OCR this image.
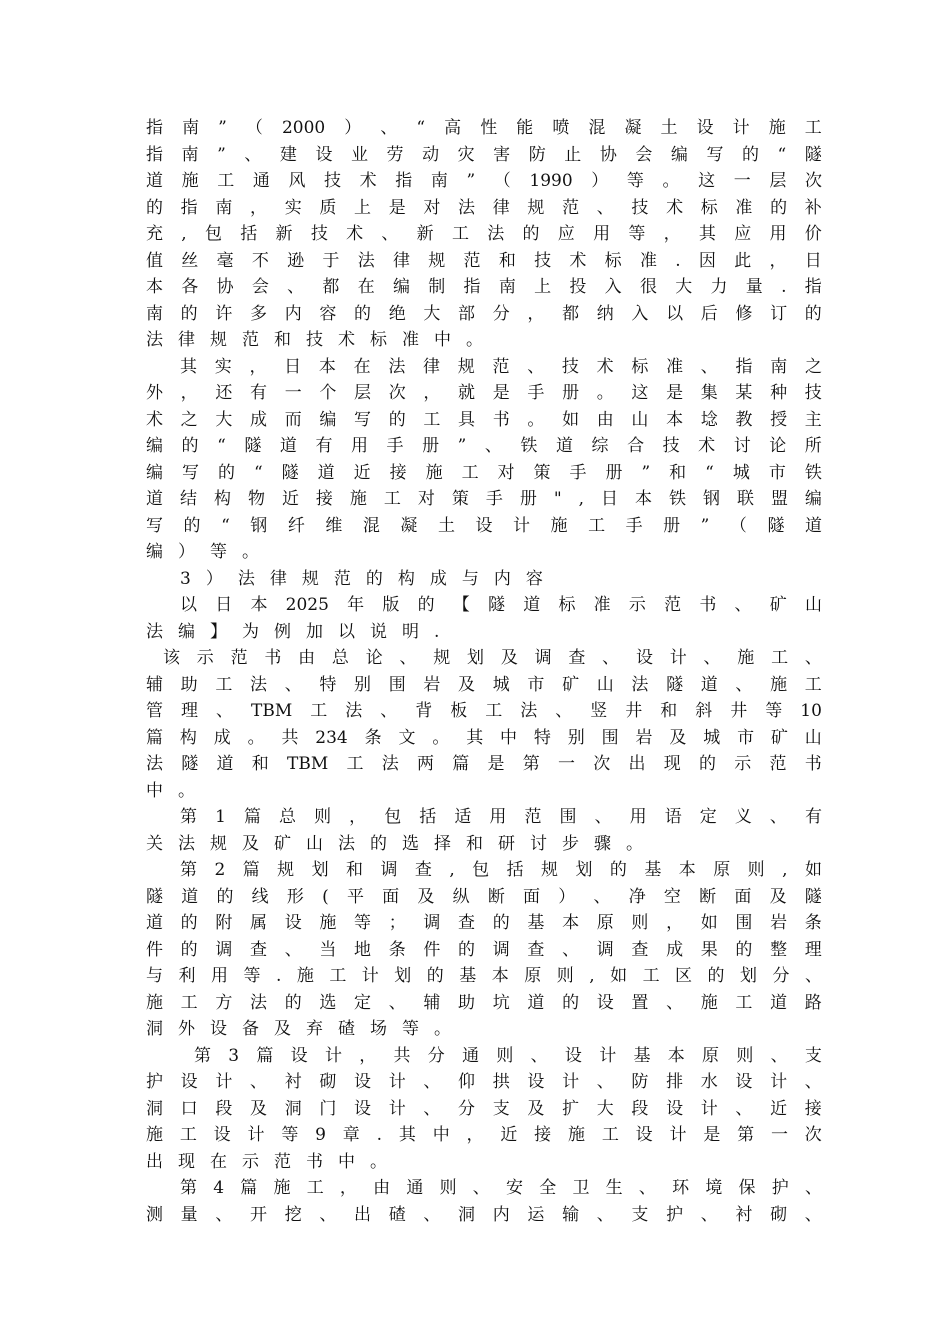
指 南 ” （ 2000 ） 、 “ 高 性 能 喷 混 凝 土 设 计 施 工
指 南 ” 、 建 设 业 劳 动 灾 害 防 止 协 会 编 写 的 “ 隧
道 施 工 通 风 技 术 指 南 ” （ 1990 ） 等 。 这 一 层 次
的 指 南 ， 实 质 上 是 对 法 律 规 范 、 技 术 标 准 的 补
充 , 包 括 新 技 术 、 新 工 法 的 应 用 等 ， 其 应 用 价
值 丝 毫 不 逊 于 法 律 规 范 和 技 术 标 准 . 因 此 ， 日
本 各 协 会 、 都 在 编 制 指 南 上 投 入 很 大 力 量 . 指
南 的 许 多 内 容 的 绝 大 部 分 ， 都 纳 入 以 后 修 订 的
法 律 规 范 和 技 术 标 准 中 。
其 实 ， 日 本 在 法 律 规 范 、 技 术 标 准 、 指 南 之
外 ， 还 有 一 个 层 次 ， 就 是 手 册 。 这 是 集 某 种 技
术 之 大 成 而 编 写 的 工 具 书 。 如 由 山 本 埝 教 授 主
编 的 “ 隧 道 有 用 手 册 ” 、 铁 道 综 合 技 术 讨 论 所
编 写 的 “ 隧 道 近 接 施 工 对 策 手 册 ” 和 “ 城 市 铁
道 结 构 物 近 接 施 工 对 策 手 册 " , 日 本 铁 钢 联 盟 编
写 的 “ 钢 纤 维 混 凝 土 设 计 施 工 手 册 ” （ 隧 道
编 ） 等 。
3 ） 法 律 规 范 的 构 成 与 内 容
以 日 本 2025 年 版 的 【 隧 道 标 准 示 范 书 、 矿 山
法 编 】 为 例 加 以 说 明 .
该 示 范 书 由 总 论 、 规 划 及 调 查 、 设 计 、 施 工 、
辅 助 工 法 、 特 别 围 岩 及 城 市 矿 山 法 隧 道 、 施 工
管 理 、 TBM 工 法 、 背 板 工 法 、 竖 井 和 斜 井 等 10
篇 构 成 。 共 234 条 文 。 其 中 特 别 围 岩 及 城 市 矿 山
法 隧 道 和 TBM 工 法 两 篇 是 第 一 次 出 现 的 示 范 书
中 。
第 1 篇 总 则 ， 包 括 适 用 范 围 、 用 语 定 义 、 有
关 法 规 及 矿 山 法 的 选 择 和 研 讨 步 骤 。
第 2 篇 规 划 和 调 查 , 包 括 规 划 的 基 本 原 则 , 如
隧 道 的 线 形 ( 平 面 及 纵 断 面 ） 、 净 空 断 面 及 隧
道 的 附 属 设 施 等 ； 调 查 的 基 本 原 则 ， 如 围 岩 条
件 的 调 查 、 当 地 条 件 的 调 查 、 调 查 成 果 的 整 理
与 利 用 等 . 施 工 计 划 的 基 本 原 则 , 如 工 区 的 划 分 、
施 工 方 法 的 选 定 、 辅 助 坑 道 的 设 置 、 施 工 道 路
洞 外 设 备 及 弃 碴 场 等 。
第 3 篇 设 计 ， 共 分 通 则 、 设 计 基 本 原 则 、 支
护 设 计 、 衬 砌 设 计 、 仰 拱 设 计 、 防 排 水 设 计 、
洞 口 段 及 洞 门 设 计 、 分 支 及 扩 大 段 设 计 、 近 接
施 工 设 计 等 9 章 . 其 中 ， 近 接 施 工 设 计 是 第 一 次
出 现 在 示 范 书 中 。
第 4 篇 施 工 ， 由 通 则 、 安 全 卫 生 、 环 境 保 护 、
测 量 、 开 挖 、 出 碴 、 洞 内 运 输 、 支 护 、 衬 砌 、
